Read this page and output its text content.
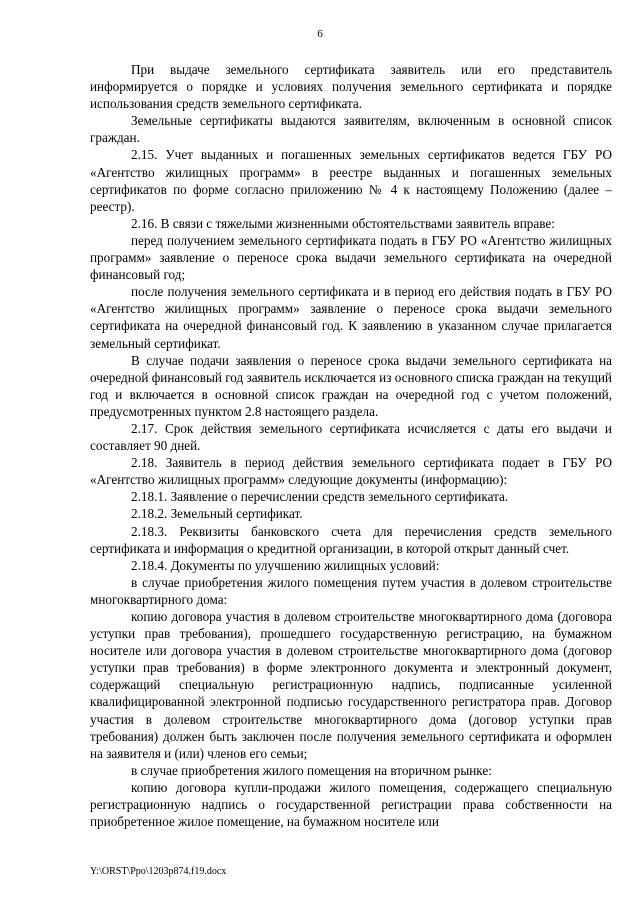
6

При выдаче земельного сертификата заявитель или его представитель информируется о порядке и условиях получения земельного сертификата и порядке использования средств земельного сертификата.

Земельные сертификаты выдаются заявителям, включенным в основной список граждан.

2.15. Учет выданных и погашенных земельных сертификатов ведется ГБУ РО «Агентство жилищных программ» в реестре выданных и погашенных земельных сертификатов по форме согласно приложению № 4 к настоящему Положению (далее – реестр).

2.16. В связи с тяжелыми жизненными обстоятельствами заявитель вправе:

перед получением земельного сертификата подать в ГБУ РО «Агентство жилищных программ» заявление о переносе срока выдачи земельного сертификата на очередной финансовый год;

после получения земельного сертификата и в период его действия подать в ГБУ РО «Агентство жилищных программ» заявление о переносе срока выдачи земельного сертификата на очередной финансовый год. К заявлению в указанном случае прилагается земельный сертификат.

В случае подачи заявления о переносе срока выдачи земельного сертификата на очередной финансовый год заявитель исключается из основного списка граждан на текущий год и включается в основной список граждан на очередной год с учетом положений, предусмотренных пунктом 2.8 настоящего раздела.

2.17. Срок действия земельного сертификата исчисляется с даты его выдачи и составляет 90 дней.

2.18. Заявитель в период действия земельного сертификата подает в ГБУ РО «Агентство жилищных программ» следующие документы (информацию):

2.18.1. Заявление о перечислении средств земельного сертификата.

2.18.2. Земельный сертификат.

2.18.3. Реквизиты банковского счета для перечисления средств земельного сертификата и информация о кредитной организации, в которой открыт данный счет.

2.18.4. Документы по улучшению жилищных условий:

в случае приобретения жилого помещения путем участия в долевом строительстве многоквартирного дома:

копию договора участия в долевом строительстве многоквартирного дома (договора уступки прав требования), прошедшего государственную регистрацию, на бумажном носителе или договора участия в долевом строительстве многоквартирного дома (договор уступки прав требования) в форме электронного документа и электронный документ, содержащий специальную регистрационную надпись, подписанные усиленной квалифицированной электронной подписью государственного регистратора прав. Договор участия в долевом строительстве многоквартирного дома (договор уступки прав требования) должен быть заключен после получения земельного сертификата и оформлен на заявителя и (или) членов его семьи;

в случае приобретения жилого помещения на вторичном рынке:

копию договора купли-продажи жилого помещения, содержащего специальную регистрационную надпись о государственной регистрации права собственности на приобретенное жилое помещение, на бумажном носителе или

Y:\ORST\Ppo\1203p874.f19.docx
